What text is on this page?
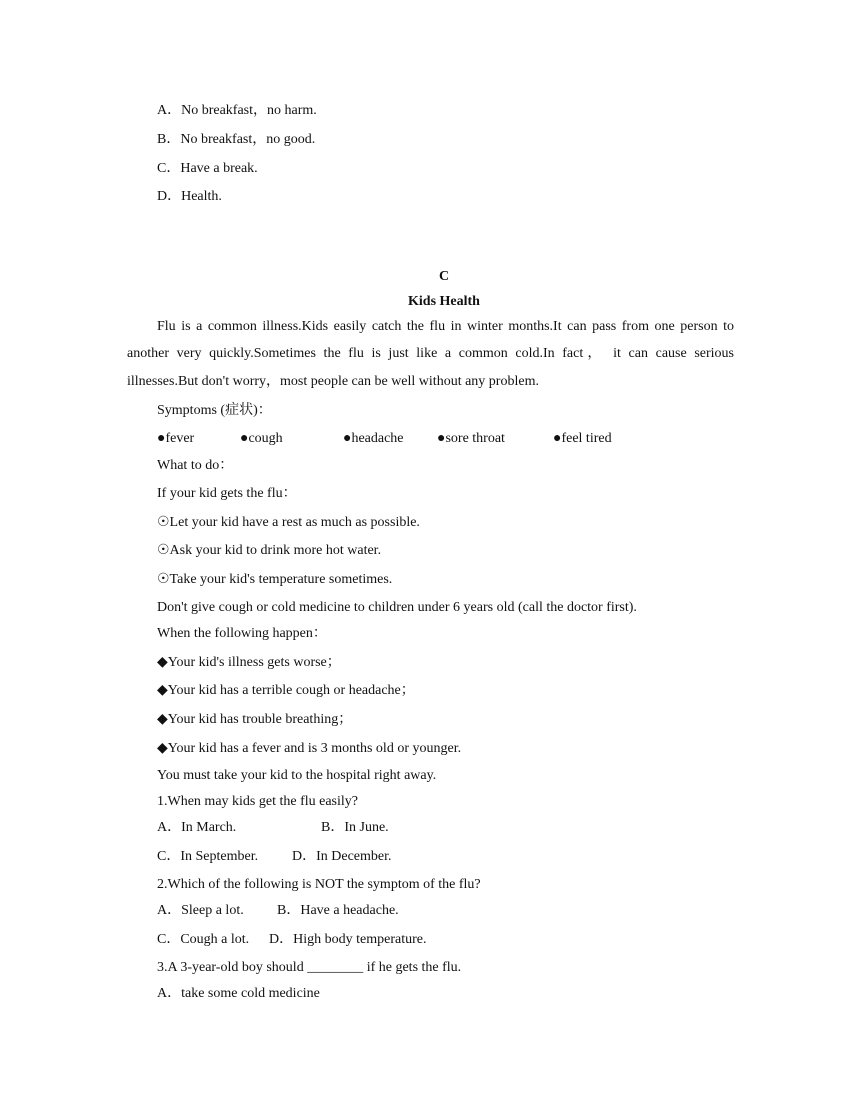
A．No breakfast，no harm.
B．No breakfast，no good.
C．Have a break.
D．Health.
C
Kids Health
Flu is a common illness.Kids easily catch the flu in winter months.It can pass from one person to
another very quickly.Sometimes the flu is just like a common cold.In fact， it can cause serious
illnesses.But don't worry，most people can be well without any problem.
Symptoms (症状)：
●fever	●cough	●headache ●sore throat	●feel tired
What to do：
If your kid gets the flu：
☉Let your kid have a rest as much as possible.
☉Ask your kid to drink more hot water.
☉Take your kid's temperature sometimes.
Don't give cough or cold medicine to children under 6 years old (call the doctor first).
When the following happen：
◆Your kid's illness gets worse；
◆Your kid has a terrible cough or headache；
◆Your kid has trouble breathing；
◆Your kid has a fever and is 3 months old or younger.
You must take your kid to the hospital right away.
1.When may kids get the flu easily?
A．In March.	B．In June.
C．In September. D．In December.
2.Which of the following is NOT the symptom of the flu?
A．Sleep a lot. B．Have a headache.
C．Cough a lot. D．High body temperature.
3.A 3-year-old boy should ________ if he gets the flu.
A．take some cold medicine
